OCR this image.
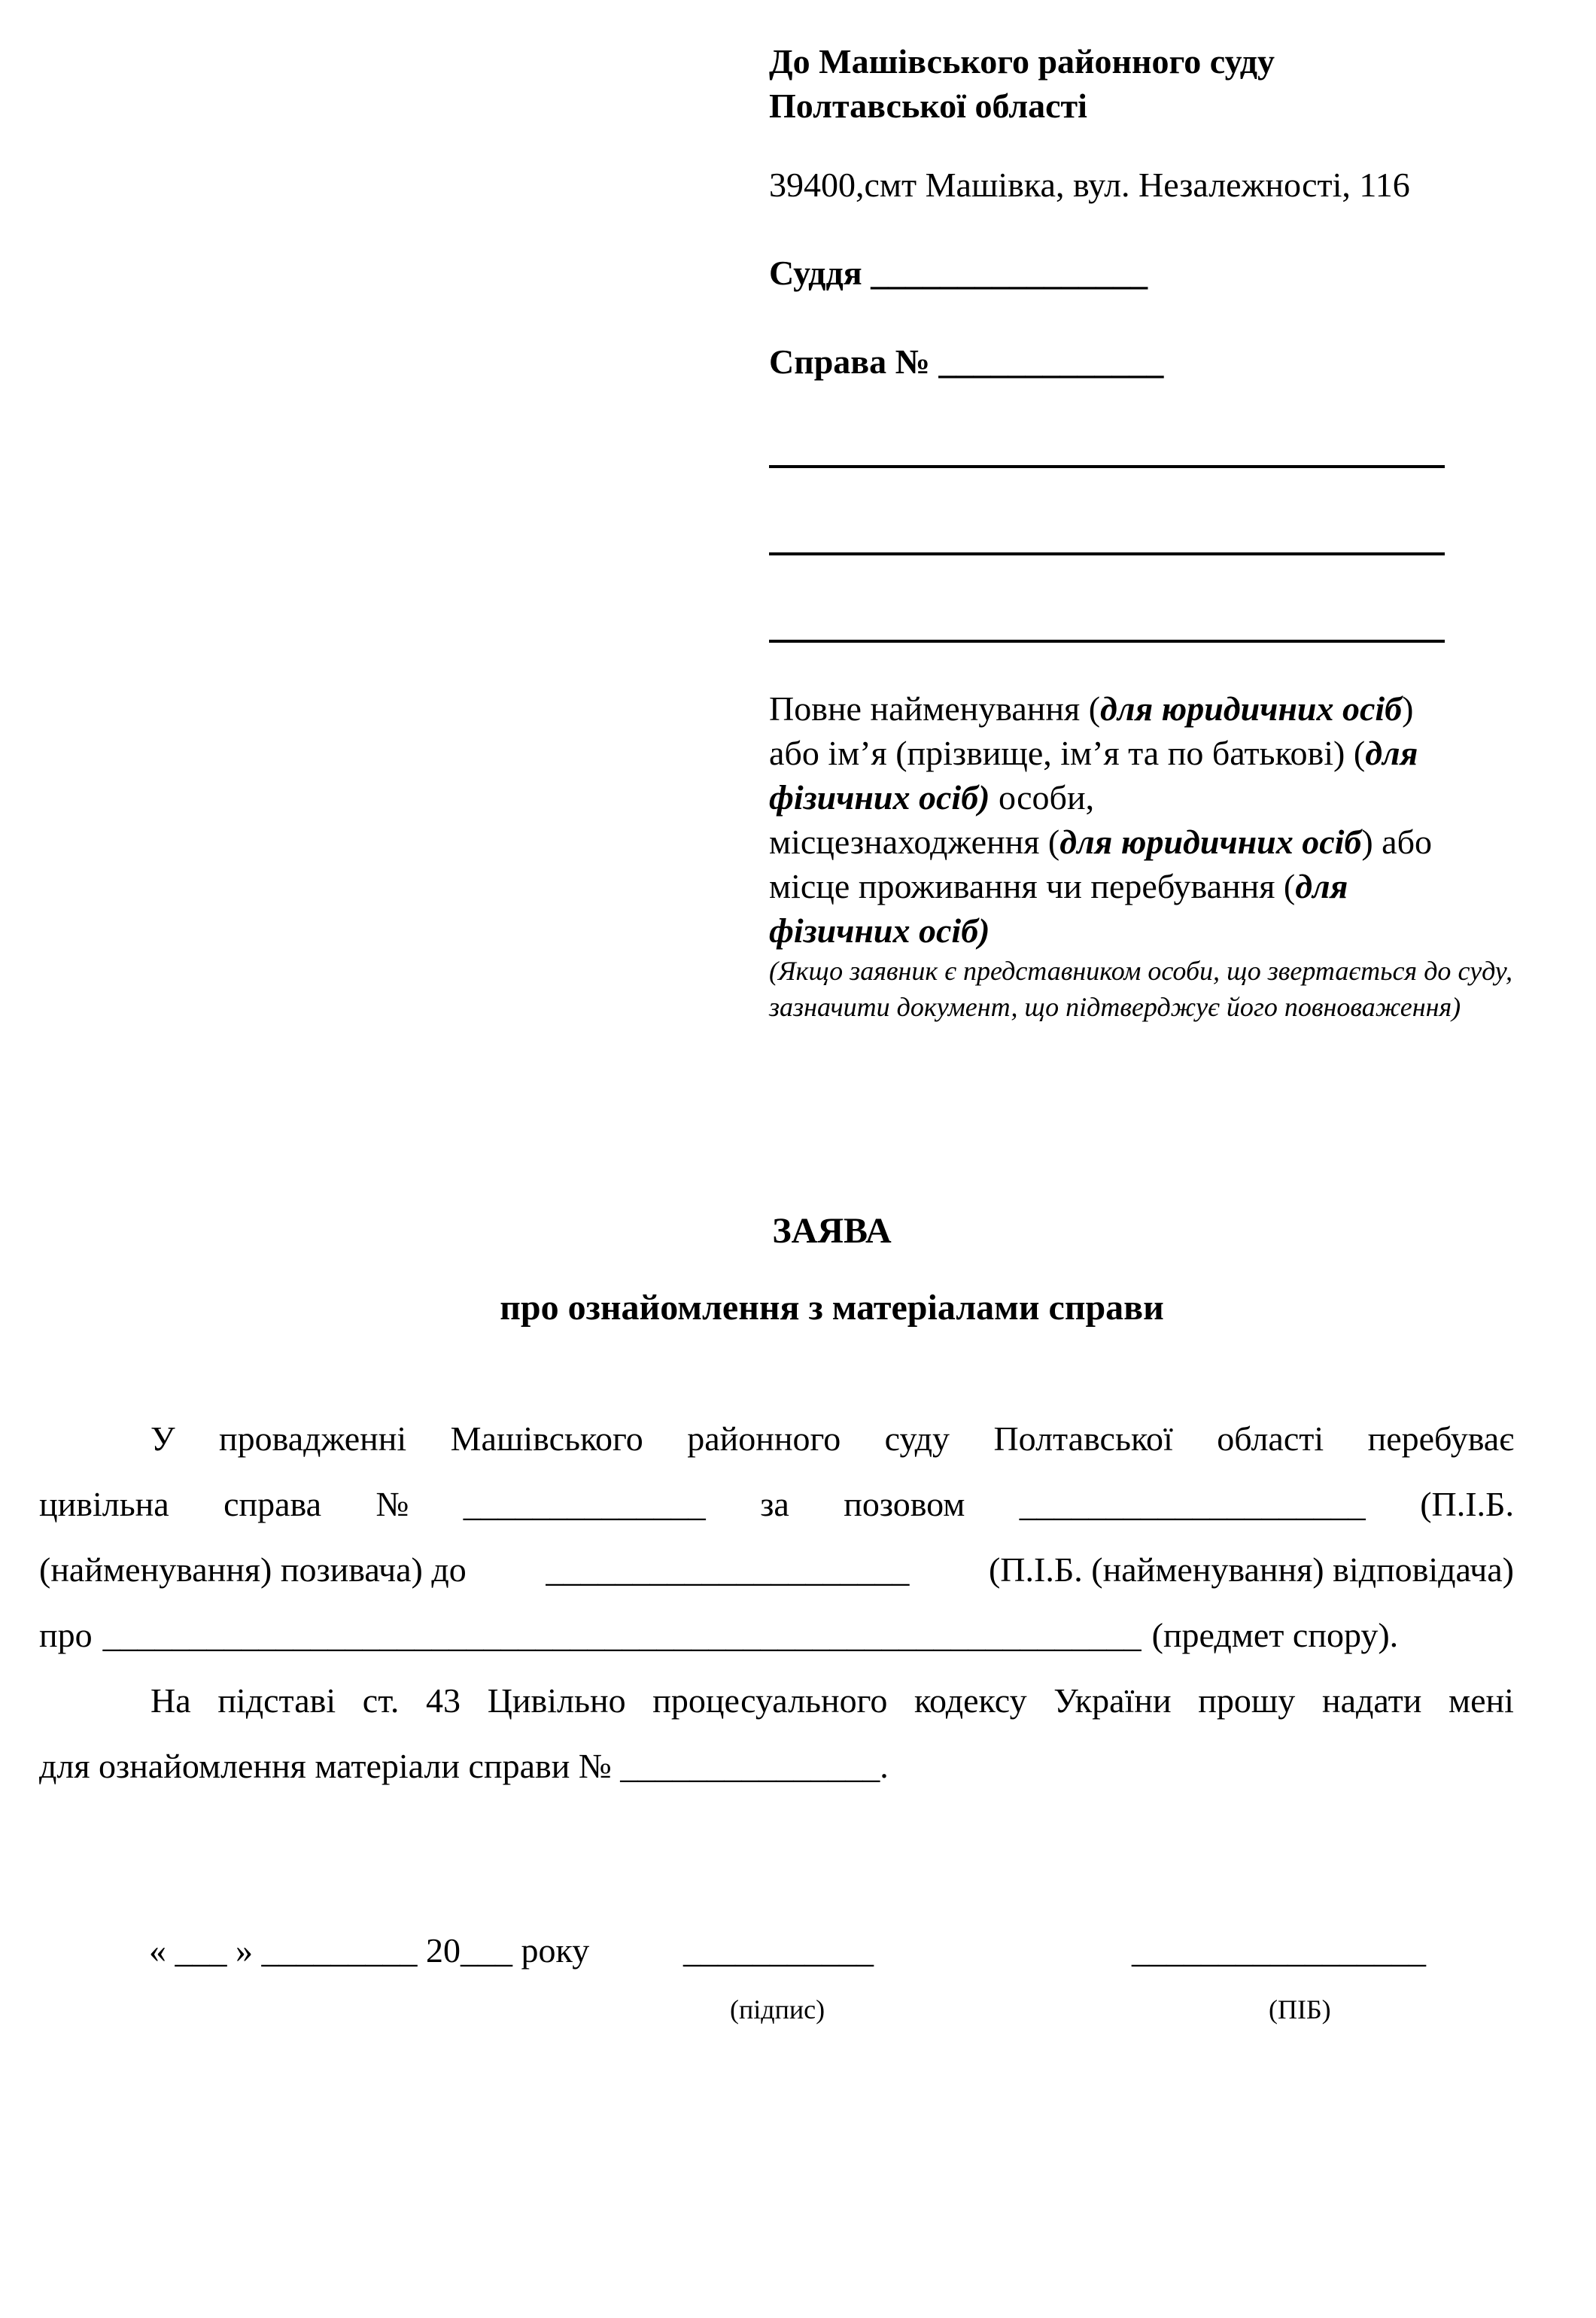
До Машівського районного суду
Полтавської області
39400,смт Машівка, вул. Незалежності, 116
Суддя ________________
Справа № _____________
Повне найменування (для юридичних осіб)
або ім’я (прізвище, ім’я та по батькові) (для
фізичних осіб) особи,
місцезнаходження (для юридичних осіб) або
місце проживання чи перебування (для
фізичних осіб)
(Якщо заявник є представником особи, що звертається до суду, зазначити документ, що підтверджує його повноваження)
ЗАЯВА
про ознайомлення з матеріалами справи
У провадженні Машівського районного суду Полтавської області перебуває
цивільна справа № ______________ за позовом ____________________ (П.І.Б.
(найменування) позивача) до _____________________ (П.І.Б. (найменування) відповідача)
про ____________________________________________________________ (предмет спору).
На підставі ст. 43 Цивільно процесуального кодексу України прошу надати мені
для ознайомлення матеріали справи № _______________.
« ___ » _________ 20___ року	___________	_________________
(підпис)	(ПІБ)
